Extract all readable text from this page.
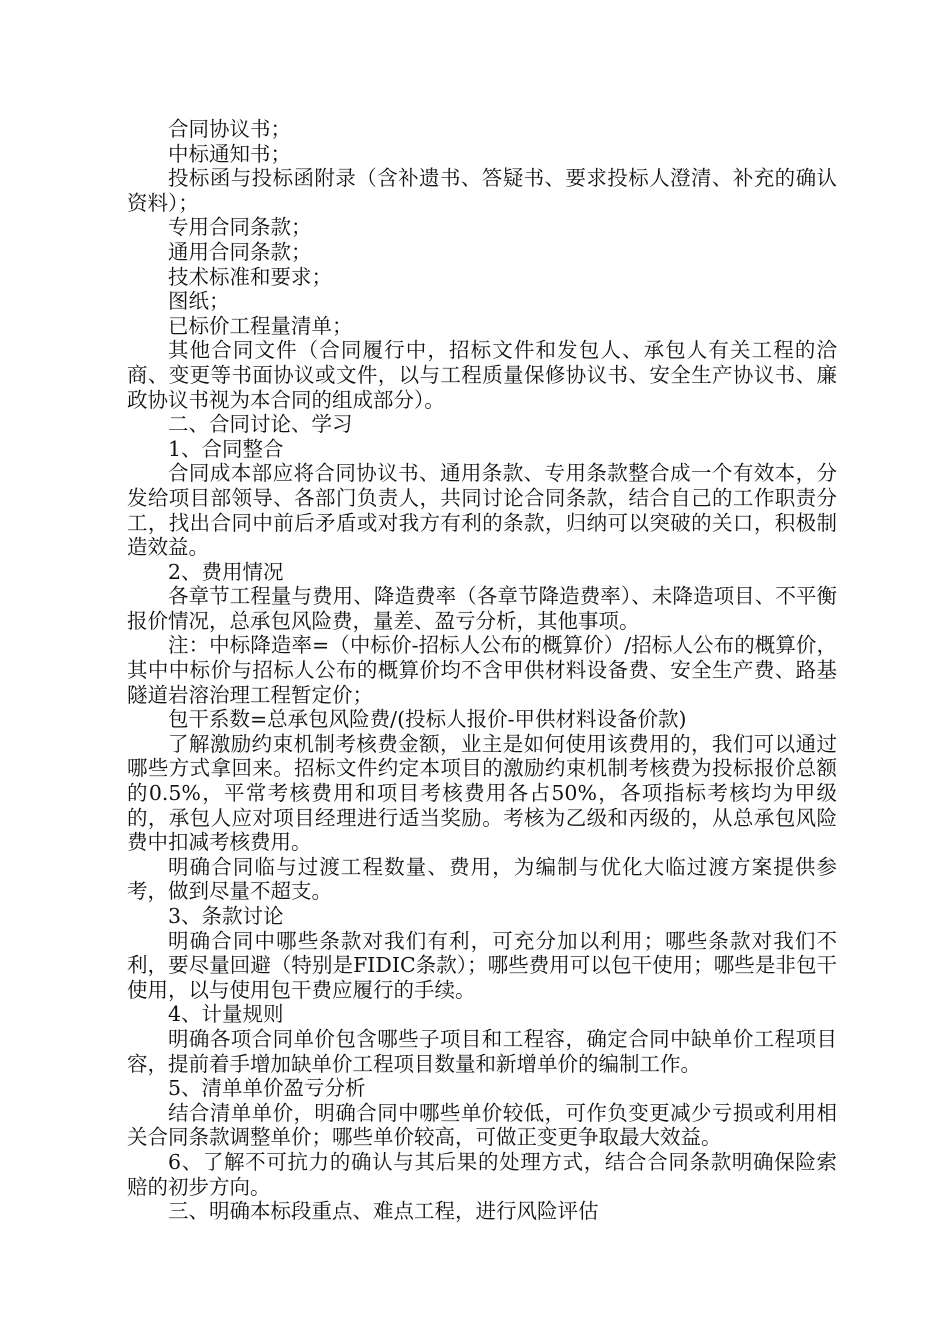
合同协议书；

中标通知书；

投标函与投标函附录（含补遗书、答疑书、要求投标人澄清、补充的确认资料）；

专用合同条款；

通用合同条款；

技术标准和要求；

图纸；

已标价工程量清单；

其他合同文件（合同履行中，招标文件和发包人、承包人有关工程的洽商、变更等书面协议或文件，以与工程质量保修协议书、安全生产协议书、廉政协议书视为本合同的组成部分）。

二、合同讨论、学习

1、合同整合

合同成本部应将合同协议书、通用条款、专用条款整合成一个有效本，分发给项目部领导、各部门负责人，共同讨论合同条款，结合自己的工作职责分工，找出合同中前后矛盾或对我方有利的条款，归纳可以突破的关口，积极制造效益。

2、费用情况

各章节工程量与费用、降造费率（各章节降造费率）、未降造项目、不平衡报价情况，总承包风险费，量差、盈亏分析，其他事项。

注：中标降造率=（中标价-招标人公布的概算价）/招标人公布的概算价，其中中标价与招标人公布的概算价均不含甲供材料设备费、安全生产费、路基隧道岩溶治理工程暂定价；

包干系数=总承包风险费/(投标人报价-甲供材料设备价款)

了解激励约束机制考核费金额，业主是如何使用该费用的，我们可以通过哪些方式拿回来。招标文件约定本项目的激励约束机制考核费为投标报价总额的0.5%，平常考核费用和项目考核费用各占50%，各项指标考核均为甲级的，承包人应对项目经理进行适当奖励。考核为乙级和丙级的，从总承包风险费中扣减考核费用。

明确合同临与过渡工程数量、费用，为编制与优化大临过渡方案提供参考，做到尽量不超支。

3、条款讨论

明确合同中哪些条款对我们有利，可充分加以利用；哪些条款对我们不利，要尽量回避（特别是FIDIC条款）；哪些费用可以包干使用；哪些是非包干使用，以与使用包干费应履行的手续。

4、计量规则

明确各项合同单价包含哪些子项目和工程容，确定合同中缺单价工程项目容，提前着手增加缺单价工程项目数量和新增单价的编制工作。

5、清单单价盈亏分析

结合清单单价，明确合同中哪些单价较低，可作负变更减少亏损或利用相关合同条款调整单价；哪些单价较高，可做正变更争取最大效益。

6、了解不可抗力的确认与其后果的处理方式，结合合同条款明确保险索赔的初步方向。

三、明确本标段重点、难点工程，进行风险评估
